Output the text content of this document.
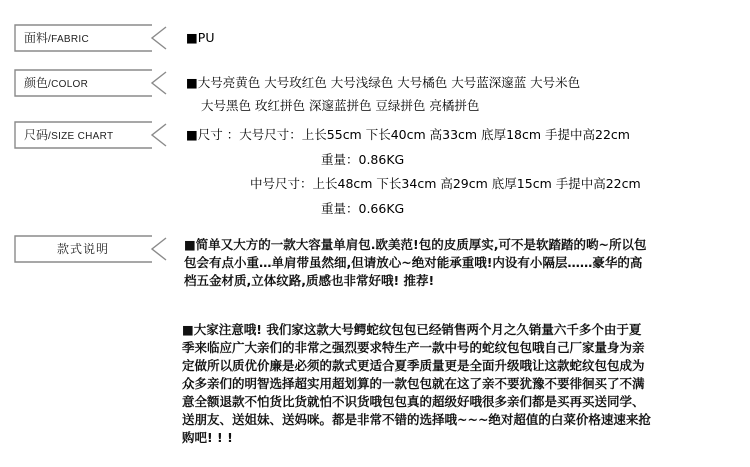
面料/FABRIC	■PU
颜色/COLOR	■大号亮黄色 大号玫红色 大号浅绿色 大号橘色 大号蓝深邃蓝 大号米色
大号黑色 玫红拼色 深邃蓝拼色 豆绿拼色 亮橘拼色
尺码/SIZE CHART	■尺寸 ：大号尺寸：上长55cm 下长40cm 高33cm 底厚18cm 手提中高22cm
重量：0.86KG
中号尺寸：上长48cm 下长34cm 高29cm 底厚15cm 手提中高22cm
重量：0.66KG
款式说明	■简单又大方的一款大容量单肩包.欧美范!包的皮质厚实,可不是软踏踏的哟~所以包
包会有点小重…单肩带虽然细,但请放心~绝对能承重哦!内设有小隔层……豪华的高
档五金材质,立体纹路,质感也非常好哦! 推荐!
■大家注意哦! 我们家这款大号鳄蛇纹包包已经销售两个月之久销量六千多个由于夏
季来临应广大亲们的非常之强烈要求特生产一款中号的蛇纹包包哦自己厂家量身为亲
定做所以质优价廉是必须的款式更适合夏季质量更是全面升级哦让这款蛇纹包包成为
众多亲们的明智选择超实用超划算的一款包包就在这了亲不要犹豫不要徘徊买了不满
意全额退款不怕货比货就怕不识货哦包包真的超级好哦很多亲们都是买再买送同学、
送朋友、送姐妹、送妈咪。都是非常不错的选择哦~~~绝对超值的白菜价格速速来抢
购吧! ! !
